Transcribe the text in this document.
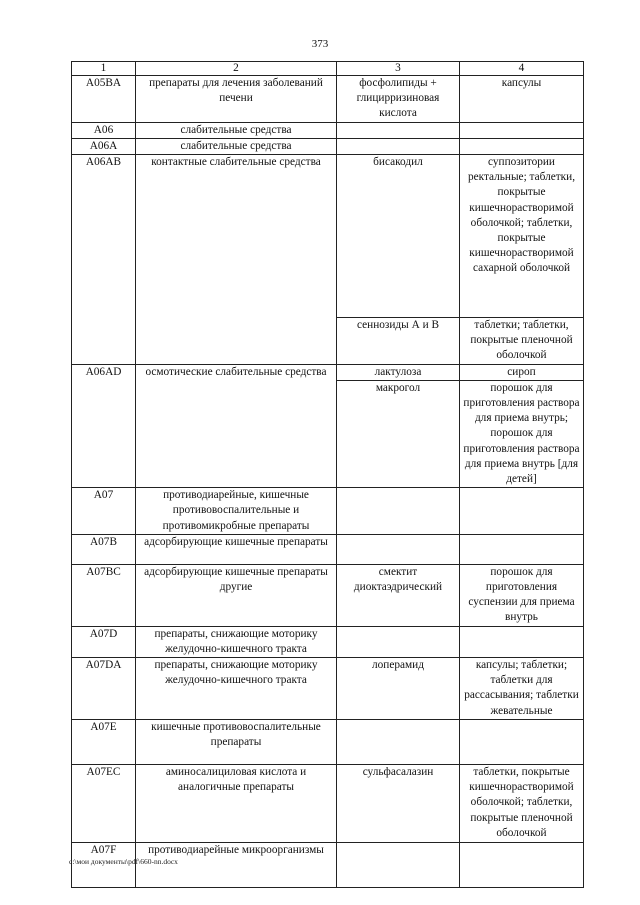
373
1	2	3	4
A05BA	препараты для лечения заболеваний печени	фосфолипиды + глицирризиновая кислота	капсулы
A06	слабительные средства		
A06A	слабительные средства		
A06AB	контактные слабительные средства	бисакодил	суппозитории ректальные; таблетки, покрытые кишечнорастворимой оболочкой; таблетки, покрытые кишечнорастворимой сахарной оболочкой
		сеннозиды А и В	таблетки; таблетки, покрытые пленочной оболочкой
A06AD	осмотические слабительные средства	лактулоза	сироп
		макрогол	порошок для приготовления раствора для приема внутрь; порошок для приготовления раствора для приема внутрь [для детей]
A07	противодиарейные, кишечные противовоспалительные и противомикробные препараты		
A07B	адсорбирующие кишечные препараты		
A07BC	адсорбирующие кишечные препараты другие	смектит диоктаэдрический	порошок для приготовления суспензии для приема внутрь
A07D	препараты, снижающие моторику желудочно-кишечного тракта		
A07DA	препараты, снижающие моторику желудочно-кишечного тракта	лоперамид	капсулы; таблетки; таблетки для рассасывания; таблетки жевательные
A07E	кишечные противовоспалительные препараты		
A07EC	аминосалициловая кислота и аналогичные препараты	сульфасалазин	таблетки, покрытые кишечнорастворимой оболочкой; таблетки, покрытые пленочной оболочкой
A07F	противодиарейные микроорганизмы		
c:\мои документы\pdf\660-nn.docx
